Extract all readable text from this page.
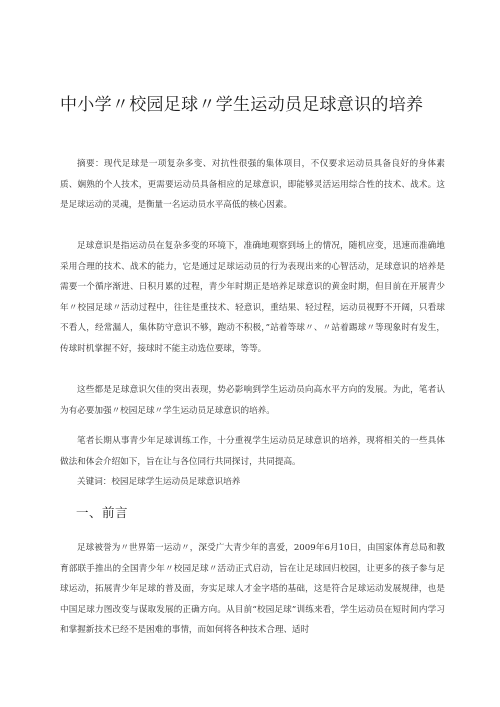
中小学〃校园足球〃学生运动员足球意识的培养

摘要：现代足球是一项复杂多变、对抗性很强的集体项目，不仅要求运动员具备良好的身体素质、娴熟的个人技术，更需要运动员具备相应的足球意识，即能够灵活运用综合性的技术、战术。这是足球运动的灵魂，是衡量一名运动员水平高低的核心因素。

足球意识是指运动员在复杂多变的环境下，准确地观察到场上的情况，随机应变，迅速而准确地采用合理的技术、战术的能力，它是通过足球运动员的行为表现出来的心智活动，足球意识的培养是需要一个循序渐进、日积月累的过程，青少年时期正是培养足球意识的黄金时期，但目前在开展青少年〃校园足球〃活动过程中，往往是重技术、轻意识，重结果、轻过程，运动员视野不开阔，只看球不看人，经常漏人，集体防守意识不够，跑动不积极，”站着等球〃、〃站着踢球〃等现象时有发生，传球时机掌握不好，接球时不能主动选位要球，等等。

这些都是足球意识欠佳的突出表现，势必影响到学生运动员向高水平方向的发展。为此，笔者认为有必要加强〃校园足球〃学生运动员足球意识的培养。

笔者长期从事青少年足球训练工作，十分重视学生运动员足球意识的培养，现将相关的一些具体做法和体会介绍如下，旨在让与各位同行共同探讨，共同提高。

关键词：校园足球学生运动员足球意识培养

一、前言

足球被誉为〃世界第一运动〃，深受广大青少年的喜爱，2009年6月10日，由国家体育总局和教育部联手推出的全国青少年〃校园足球〃活动正式启动，旨在让足球回归校园，让更多的孩子参与足球运动，拓展青少年足球的普及面，夯实足球人才金字塔的基础，这是符合足球运动发展规律，也是中国足球力图改变与谋取发展的正确方向。从目前“校园足球”训练来看，学生运动员在短时间内学习和掌握新技术已经不是困难的事情，而如何将各种技术合理、适时
